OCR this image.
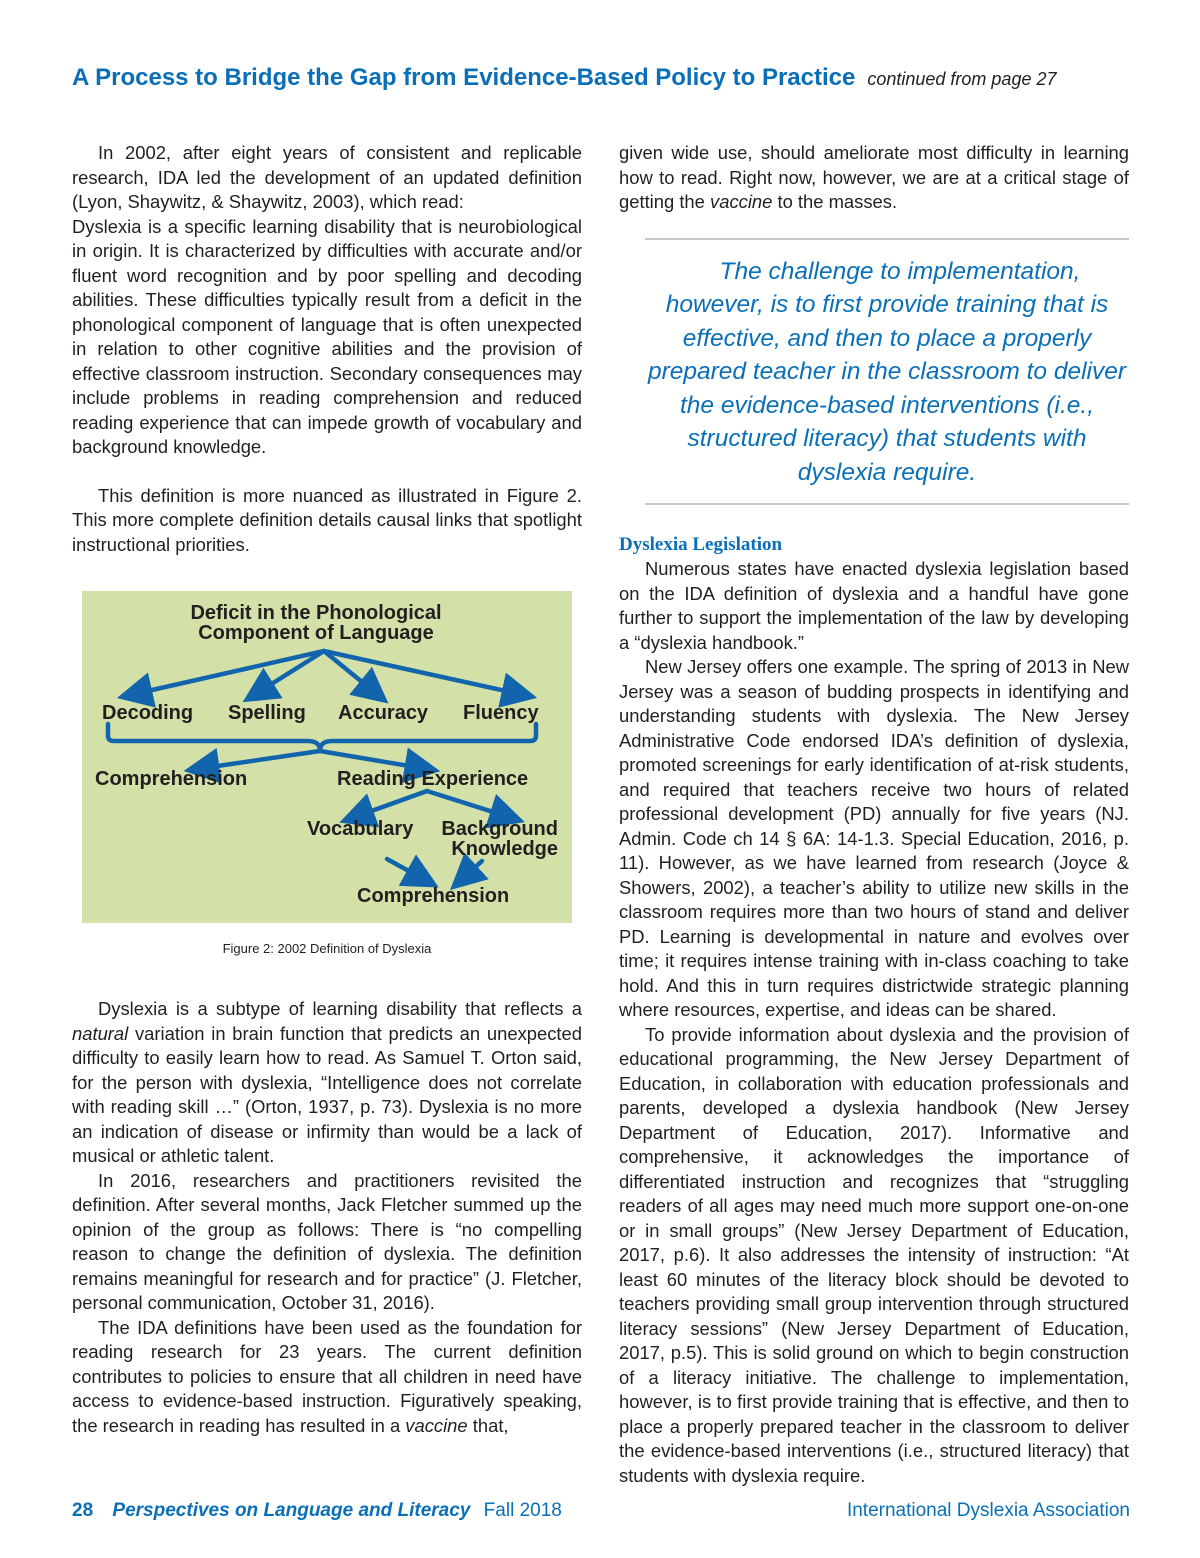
A Process to Bridge the Gap from Evidence-Based Policy to Practice continued from page 27

In 2002, after eight years of consistent and replicable research, IDA led the development of an updated definition (Lyon, Shaywitz, & Shaywitz, 2003), which read:

Dyslexia is a specific learning disability that is neurobiological in origin. It is characterized by difficulties with accurate and/or fluent word recognition and by poor spelling and decoding abilities. These difficulties typically result from a deficit in the phonological component of language that is often unexpected in relation to other cognitive abilities and the provision of effective classroom instruction. Secondary consequences may include problems in reading comprehension and reduced reading experience that can impede growth of vocabulary and background knowledge.

This definition is more nuanced as illustrated in Figure 2. This more complete definition details causal links that spotlight instructional priorities.

Deficit in the Phonological
Component of Language
Decoding Spelling Accuracy Fluency
Comprehension	Reading Experience
Vocabulary	Background
Knowledge
Comprehension
Figure 2: 2002 Definition of Dyslexia

Dyslexia is a subtype of learning disability that reflects a natural variation in brain function that predicts an unexpected difficulty to easily learn how to read. As Samuel T. Orton said, for the person with dyslexia, “Intelligence does not correlate with reading skill …” (Orton, 1937, p. 73). Dyslexia is no more an indication of disease or infirmity than would be a lack of musical or athletic talent.

In 2016, researchers and practitioners revisited the definition. After several months, Jack Fletcher summed up the opinion of the group as follows: There is “no compelling reason to change the definition of dyslexia. The definition remains meaningful for research and for practice” (J. Fletcher, personal communication, October 31, 2016).

The IDA definitions have been used as the foundation for reading research for 23 years. The current definition contributes to policies to ensure that all children in need have access to evidence-based instruction. Figuratively speaking, the research in reading has resulted in a vaccine that,

given wide use, should ameliorate most difficulty in learning how to read. Right now, however, we are at a critical stage of getting the vaccine to the masses.

The challenge to implementation, however, is to first provide training that is effective, and then to place a properly prepared teacher in the classroom to deliver the evidence-based interventions (i.e., structured literacy) that students with dyslexia require.

Dyslexia Legislation

Numerous states have enacted dyslexia legislation based on the IDA definition of dyslexia and a handful have gone further to support the implementation of the law by developing a “dyslexia handbook.”

New Jersey offers one example. The spring of 2013 in New Jersey was a season of budding prospects in identifying and understanding students with dyslexia. The New Jersey Administrative Code endorsed IDA’s definition of dyslexia, promoted screenings for early identification of at-risk students, and required that teachers receive two hours of related professional development (PD) annually for five years (NJ. Admin. Code ch 14 § 6A: 14-1.3. Special Education, 2016, p. 11). However, as we have learned from research (Joyce & Showers, 2002), a teacher’s ability to utilize new skills in the classroom requires more than two hours of stand and deliver PD. Learning is developmental in nature and evolves over time; it requires intense training with in-class coaching to take hold. And this in turn requires districtwide strategic planning where resources, expertise, and ideas can be shared.

To provide information about dyslexia and the provision of educational programming, the New Jersey Department of Education, in collaboration with education professionals and parents, developed a dyslexia handbook (New Jersey Department of Education, 2017). Informative and comprehensive, it acknowledges the importance of differentiated instruction and recognizes that “struggling readers of all ages may need much more support one-on-one or in small groups” (New Jersey Department of Education, 2017, p.6). It also addresses the intensity of instruction: “At least 60 minutes of the literacy block should be devoted to teachers providing small group intervention through structured literacy sessions” (New Jersey Department of Education, 2017, p.5). This is solid ground on which to begin construction of a literacy initiative. The challenge to implementation, however, is to first provide training that is effective, and then to place a properly prepared teacher in the classroom to deliver the evidence-based interventions (i.e., structured literacy) that students with dyslexia require.

28 Perspectives on Language and Literacy Fall 2018	International Dyslexia Association
